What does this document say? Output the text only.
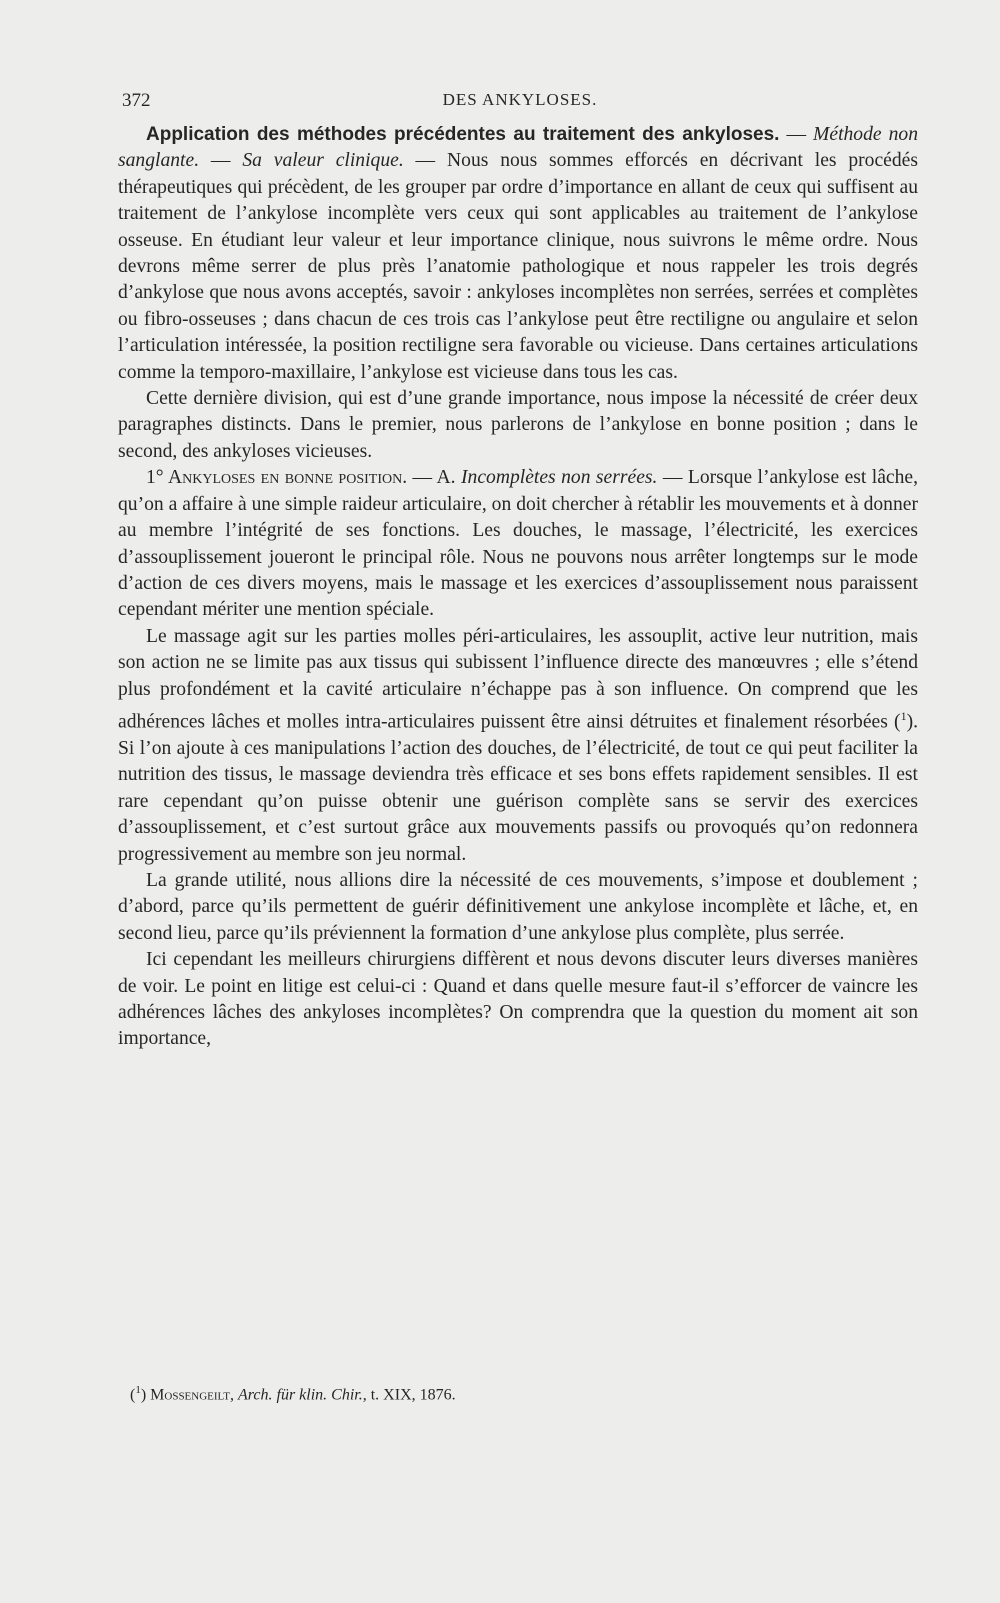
372	DES ANKYLOSES.

Application des méthodes précédentes au traitement des ankyloses. — Méthode non sanglante. — Sa valeur clinique. — Nous nous sommes efforcés en décrivant les procédés thérapeutiques qui précèdent, de les grouper par ordre d’importance en allant de ceux qui suffisent au traitement de l’ankylose incomplète vers ceux qui sont applicables au traitement de l’ankylose osseuse. En étudiant leur valeur et leur importance clinique, nous suivrons le même ordre. Nous devrons même serrer de plus près l’anatomie pathologique et nous rappeler les trois degrés d’ankylose que nous avons acceptés, savoir : ankyloses incomplètes non serrées, serrées et complètes ou fibro-osseuses ; dans chacun de ces trois cas l’ankylose peut être rectiligne ou angulaire et selon l’articulation intéressée, la position rectiligne sera favorable ou vicieuse. Dans certaines articulations comme la temporo-maxillaire, l’ankylose est vicieuse dans tous les cas.

Cette dernière division, qui est d’une grande importance, nous impose la nécessité de créer deux paragraphes distincts. Dans le premier, nous parlerons de l’ankylose en bonne position ; dans le second, des ankyloses vicieuses.

1° Ankyloses en bonne position. — A. Incomplètes non serrées. — Lorsque l’ankylose est lâche, qu’on a affaire à une simple raideur articulaire, on doit chercher à rétablir les mouvements et à donner au membre l’intégrité de ses fonctions. Les douches, le massage, l’électricité, les exercices d’assouplissement joueront le principal rôle. Nous ne pouvons nous arrêter longtemps sur le mode d’action de ces divers moyens, mais le massage et les exercices d’assouplissement nous paraissent cependant mériter une mention spéciale.

Le massage agit sur les parties molles péri-articulaires, les assouplit, active leur nutrition, mais son action ne se limite pas aux tissus qui subissent l’influence directe des manœuvres ; elle s’étend plus profondément et la cavité articulaire n’échappe pas à son influence. On comprend que les adhérences lâches et molles intra-articulaires puissent être ainsi détruites et finalement résorbées ($^1$). Si l’on ajoute à ces manipulations l’action des douches, de l’électricité, de tout ce qui peut faciliter la nutrition des tissus, le massage deviendra très efficace et ses bons effets rapidement sensibles. Il est rare cependant qu’on puisse obtenir une guérison complète sans se servir des exercices d’assouplissement, et c’est surtout grâce aux mouvements passifs ou provoqués qu’on redonnera progressivement au membre son jeu normal.

La grande utilité, nous allions dire la nécessité de ces mouvements, s’impose et doublement ; d’abord, parce qu’ils permettent de guérir définitivement une ankylose incomplète et lâche, et, en second lieu, parce qu’ils préviennent la formation d’une ankylose plus complète, plus serrée.

Ici cependant les meilleurs chirurgiens diffèrent et nous devons discuter leurs diverses manières de voir. Le point en litige est celui-ci : Quand et dans quelle mesure faut-il s’efforcer de vaincre les adhérences lâches des ankyloses incomplètes? On comprendra que la question du moment ait son importance,

($^1$) Mossengeilt, Arch. für klin. Chir., t. XIX, 1876.
